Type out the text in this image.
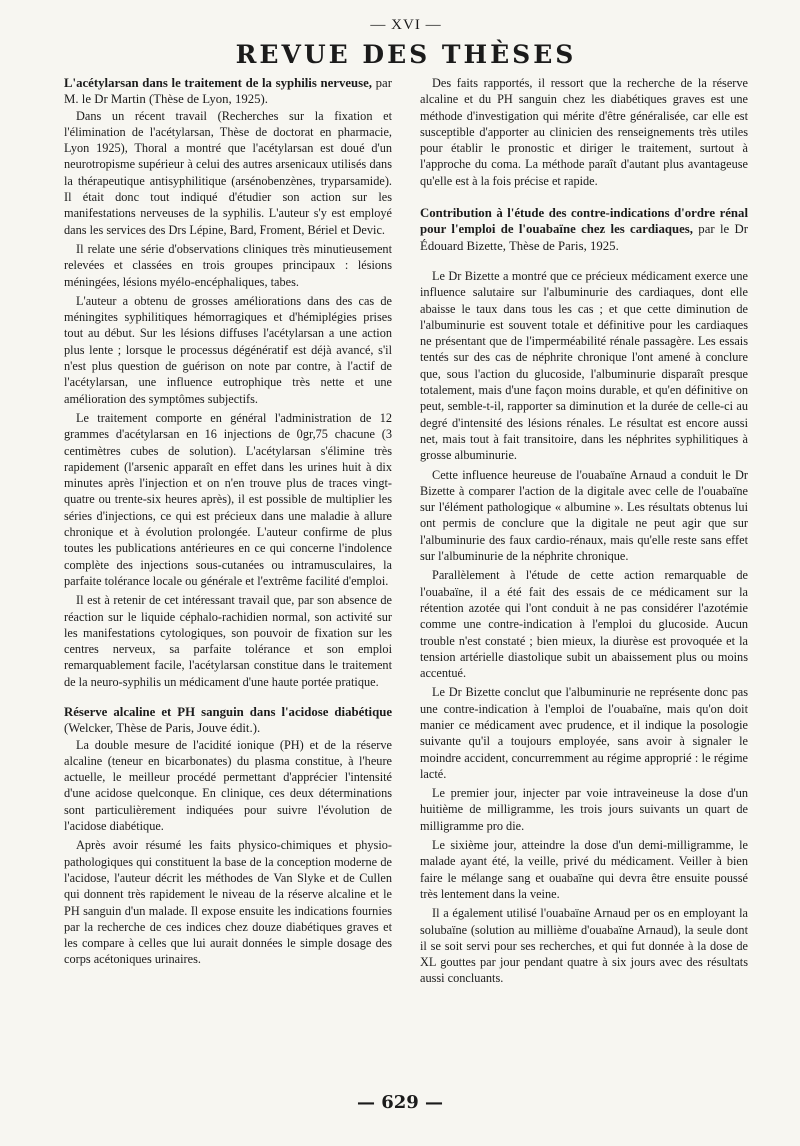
— XVI —
REVUE DES THÈSES
L'acétylarsan dans le traitement de la syphilis nerveuse, par M. le Dr Martin (Thèse de Lyon, 1925).

Dans un récent travail (Recherches sur la fixation et l'élimination de l'acétylarsan, Thèse de doctorat en pharmacie, Lyon 1925), Thoral a montré que l'acétylarsan est doué d'un neurotropisme supérieur à celui des autres arsenicaux utilisés dans la thérapeutique antisyphilitique (arsénobenzènes, tryparsamide). Il était donc tout indiqué d'étudier son action sur les manifestations nerveuses de la syphilis. L'auteur s'y est employé dans les services des Drs Lépine, Bard, Froment, Bériel et Devic.

Il relate une série d'observations cliniques très minutieusement relevées et classées en trois groupes principaux : lésions méningées, lésions myélo-encéphaliques, tabes.

L'auteur a obtenu de grosses améliorations dans des cas de méningites syphilitiques hémorragiques et d'hémiplégies prises tout au début. Sur les lésions diffuses l'acétylarsan a une action plus lente ; lorsque le processus dégénératif est déjà avancé, s'il n'est plus question de guérison on note par contre, à l'actif de l'acétylarsan, une influence eutrophique très nette et une amélioration des symptômes subjectifs.

Le traitement comporte en général l'administration de 12 grammes d'acétylarsan en 16 injections de 0gr,75 chacune (3 centimètres cubes de solution). L'acétylarsan s'élimine très rapidement (l'arsenic apparaît en effet dans les urines huit à dix minutes après l'injection et on n'en trouve plus de traces vingt-quatre ou trente-six heures après), il est possible de multiplier les séries d'injections, ce qui est précieux dans une maladie à allure chronique et à évolution prolongée. L'auteur confirme de plus toutes les publications antérieures en ce qui concerne l'indolence complète des injections sous-cutanées ou intramusculaires, la parfaite tolérance locale ou générale et l'extrême facilité d'emploi.

Il est à retenir de cet intéressant travail que, par son absence de réaction sur le liquide céphalo-rachidien normal, son activité sur les manifestations cytologiques, son pouvoir de fixation sur les centres nerveux, sa parfaite tolérance et son emploi remarquablement facile, l'acétylarsan constitue dans le traitement de la neuro-syphilis un médicament d'une haute portée pratique.

Réserve alcaline et PH sanguin dans l'acidose diabétique (Welcker, Thèse de Paris, Jouve édit.).

La double mesure de l'acidité ionique (PH) et de la réserve alcaline (teneur en bicarbonates) du plasma constitue, à l'heure actuelle, le meilleur procédé permettant d'apprécier l'intensité d'une acidose quelconque. En clinique, ces deux déterminations sont particulièrement indiquées pour suivre l'évolution de l'acidose diabétique.

Après avoir résumé les faits physico-chimiques et physio-pathologiques qui constituent la base de la conception moderne de l'acidose, l'auteur décrit les méthodes de Van Slyke et de Cullen qui donnent très rapidement le niveau de la réserve alcaline et le PH sanguin d'un malade. Il expose ensuite les indications fournies par la recherche de ces indices chez douze diabétiques graves et les compare à celles que lui aurait données le simple dosage des corps acétoniques urinaires.

Des faits rapportés, il ressort que la recherche de la réserve alcaline et du PH sanguin chez les diabétiques graves est une méthode d'investigation qui mérite d'être généralisée, car elle est susceptible d'apporter au clinicien des renseignements très utiles pour établir le pronostic et diriger le traitement, surtout à l'approche du coma. La méthode paraît d'autant plus avantageuse qu'elle est à la fois précise et rapide.

Contribution à l'étude des contre-indications d'ordre rénal pour l'emploi de l'ouabaïne chez les cardiaques, par le Dr Édouard Bizette, Thèse de Paris, 1925.

Le Dr Bizette a montré que ce précieux médicament exerce une influence salutaire sur l'albuminurie des cardiaques, dont elle abaisse le taux dans tous les cas ; et que cette diminution de l'albuminurie est souvent totale et définitive pour les cardiaques ne présentant que de l'imperméabilité rénale passagère. Les essais tentés sur des cas de néphrite chronique l'ont amené à conclure que, sous l'action du glucoside, l'albuminurie disparaît presque totalement, mais d'une façon moins durable, et qu'en définitive on peut, semble-t-il, rapporter sa diminution et la durée de celle-ci au degré d'intensité des lésions rénales. Le résultat est encore aussi net, mais tout à fait transitoire, dans les néphrites syphilitiques à grosse albuminurie.

Cette influence heureuse de l'ouabaïne Arnaud a conduit le Dr Bizette à comparer l'action de la digitale avec celle de l'ouabaïne sur l'élément pathologique « albumine ». Les résultats obtenus lui ont permis de conclure que la digitale ne peut agir que sur l'albuminurie des faux cardio-rénaux, mais qu'elle reste sans effet sur l'albuminurie de la néphrite chronique.

Parallèlement à l'étude de cette action remarquable de l'ouabaïne, il a été fait des essais de ce médicament sur la rétention azotée qui l'ont conduit à ne pas considérer l'azotémie comme une contre-indication à l'emploi du glucoside. Aucun trouble n'est constaté ; bien mieux, la diurèse est provoquée et la tension artérielle diastolique subit un abaissement plus ou moins accentué.

Le Dr Bizette conclut que l'albuminurie ne représente donc pas une contre-indication à l'emploi de l'ouabaïne, mais qu'on doit manier ce médicament avec prudence, et il indique la posologie suivante qu'il a toujours employée, sans avoir à signaler le moindre accident, concurremment au régime approprié : le régime lacté.

Le premier jour, injecter par voie intraveineuse la dose d'un huitième de milligramme, les trois jours suivants un quart de milligramme pro die.

Le sixième jour, atteindre la dose d'un demi-milligramme, le malade ayant été, la veille, privé du médicament. Veiller à bien faire le mélange sang et ouabaïne qui devra être ensuite poussé très lentement dans la veine.

Il a également utilisé l'ouabaïne Arnaud per os en employant la solubaïne (solution au millième d'ouabaïne Arnaud), la seule dont il se soit servi pour ses recherches, et qui fut donnée à la dose de XL gouttes par jour pendant quatre à six jours avec des résultats aussi concluants.

— 629 —
